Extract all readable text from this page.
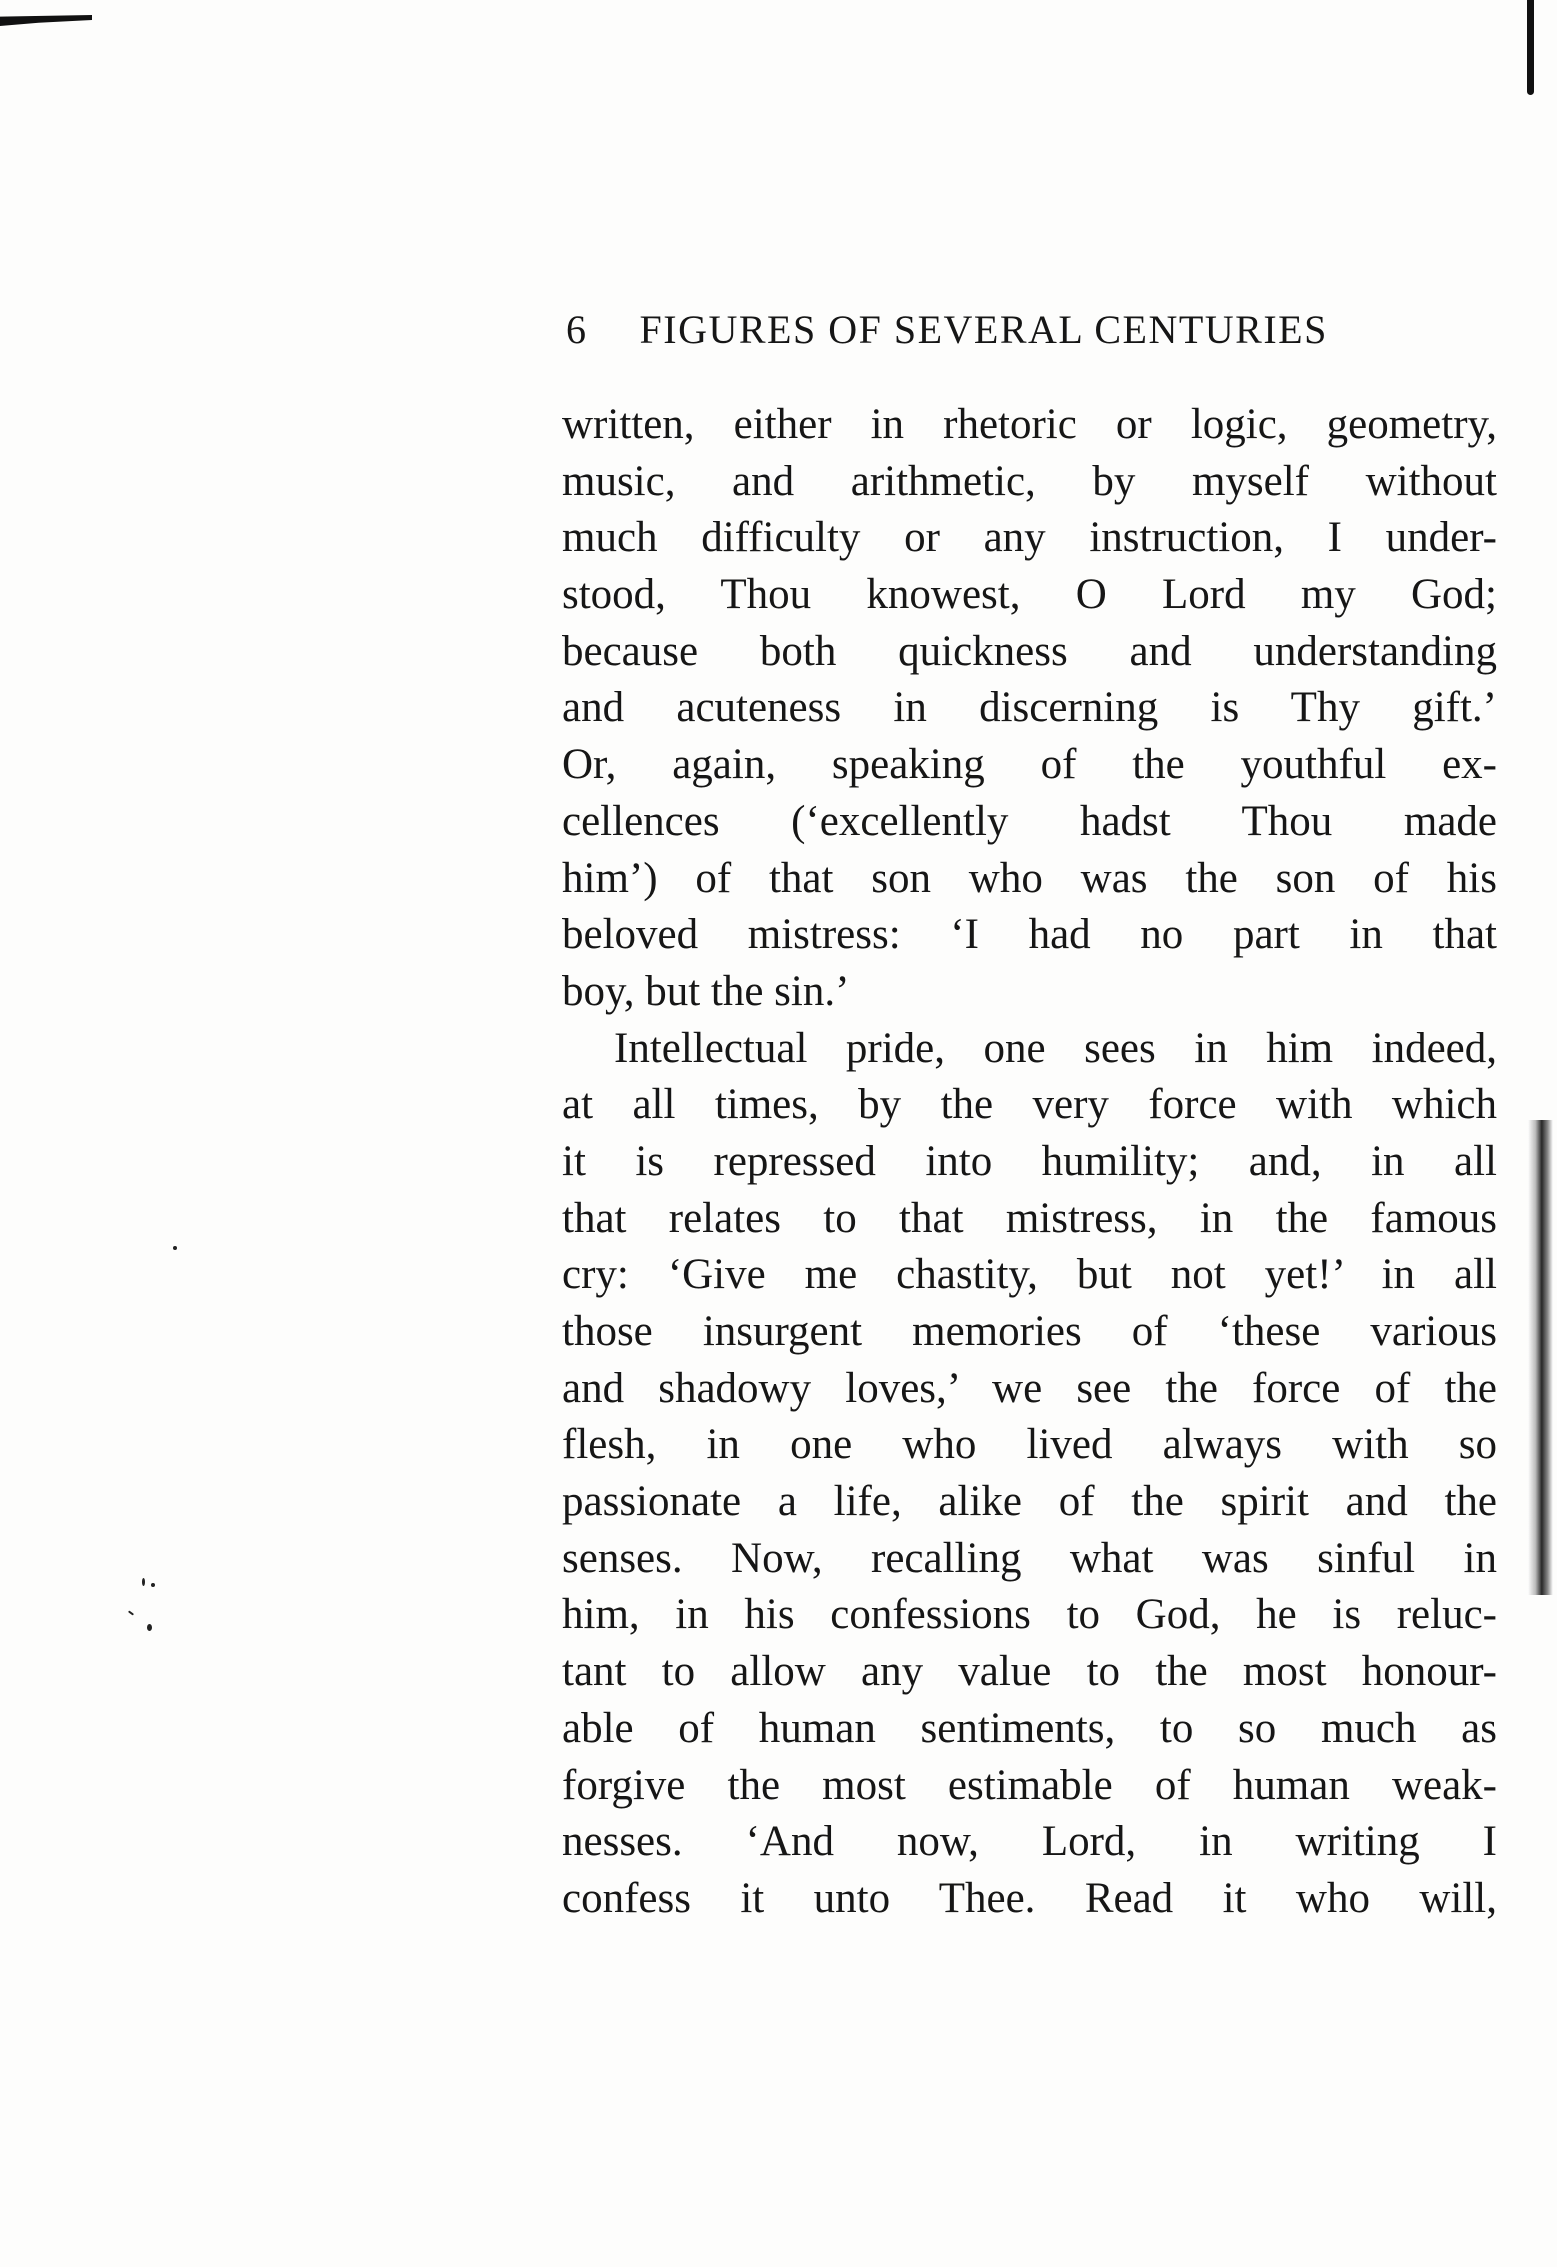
6 FIGURES OF SEVERAL CENTURIES
written, either in rhetoric or logic, geometry,
music, and arithmetic, by myself without
much difficulty or any instruction, I under-
stood, Thou knowest, O Lord my God;
because both quickness and understanding
and acuteness in discerning is Thy gift.’
Or, again, speaking of the youthful ex-
cellences (‘excellently hadst Thou made
him’) of that son who was the son of his
beloved mistress: ‘I had no part in that
boy, but the sin.’
Intellectual pride, one sees in him indeed,
at all times, by the very force with which
it is repressed into humility; and, in all
that relates to that mistress, in the famous
cry: ‘Give me chastity, but not yet!’ in all
those insurgent memories of ‘these various
and shadowy loves,’ we see the force of the
flesh, in one who lived always with so
passionate a life, alike of the spirit and the
senses. Now, recalling what was sinful in
him, in his confessions to God, he is reluc-
tant to allow any value to the most honour-
able of human sentiments, to so much as
forgive the most estimable of human weak-
nesses. ‘And now, Lord, in writing I
confess it unto Thee. Read it who will,
